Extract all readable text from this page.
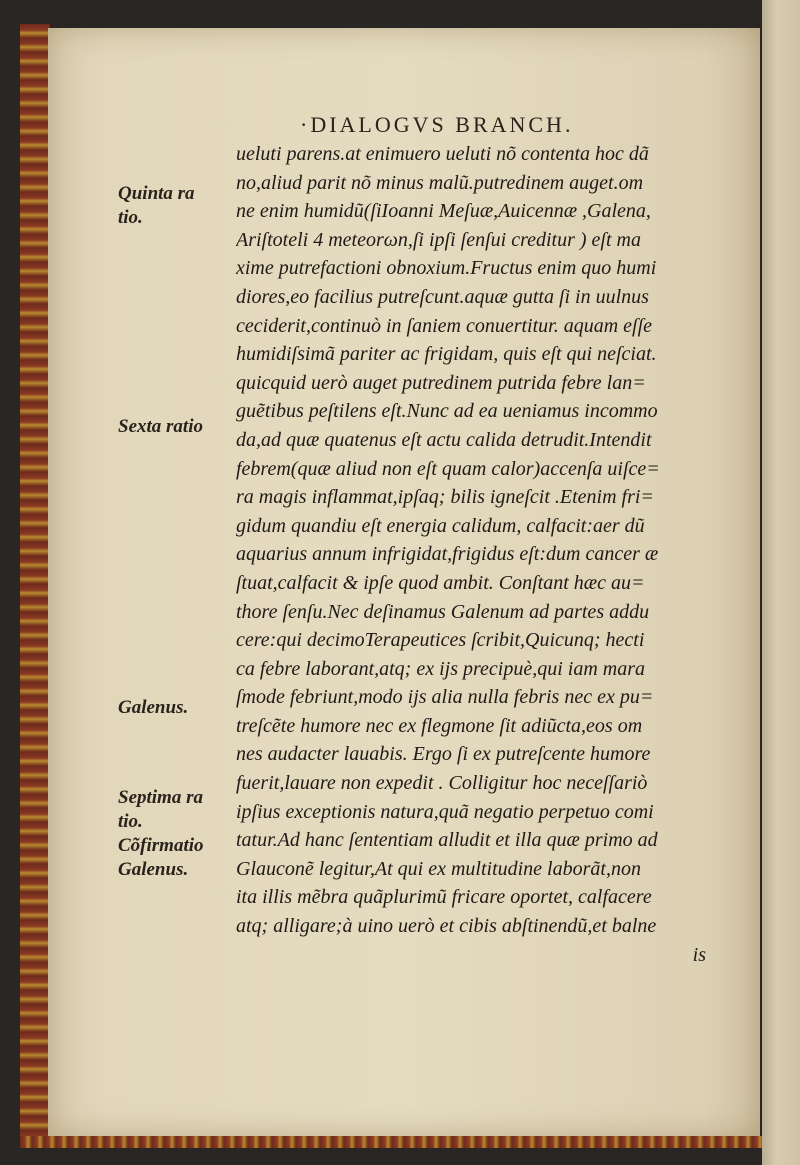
·DIALOGVS BRANCH.
ueluti parens.at enimuero ueluti nõ contenta hoc dã
no,aliud parit nõ minus malũ.putredinem auget.om
ne enim humidũ(ſiIoanni Meſuæ,Auicennæ ,Galena,
Ariſtoteli 4 meteorωn,ſi ipſi ſenſui creditur ) eſt ma
xime putrefactioni obnoxium.Fructus enim quo humi
diores,eo facilius putreſcunt.aquæ gutta ſi in uulnus
ceciderit,continuò in ſaniem conuertitur. aquam eſſe
humidiſsimã pariter ac frigidam, quis eſt qui neſciat.
quicquid uerò auget putredinem putrida febre lan=
guẽtibus peſtilens eſt.Nunc ad ea ueniamus incommo
da,ad quæ quatenus eſt actu calida detrudit.Intendit
febrem(quæ aliud non eſt quam calor)accenſa uiſce=
ra magis inflammat,ipſaq; bilis igneſcit .Etenim fri=
gidum quandiu eſt energia calidum, calfacit:aer dũ
aquarius annum infrigidat,frigidus eſt:dum cancer æ
ſtuat,calfacit & ipſe quod ambit. Conſtant hæc au=
thore ſenſu.Nec deſinamus Galenum ad partes addu
cere:qui decimoTerapeutices ſcribit,Quicunq; hecti
ca febre laborant,atq; ex ijs precipuè,qui iam mara
ſmode febriunt,modo ijs alia nulla febris nec ex pu=
treſcẽte humore nec ex flegmone ſit adiũcta,eos om
nes audacter lauabis. Ergo ſi ex putreſcente humore
fuerit,lauare non expedit . Colligitur hoc neceſſariò
ipſius exceptionis natura,quã negatio perpetuo comi
tatur.Ad hanc ſententiam alludit et illa quæ primo ad
Glauconẽ legitur,At qui ex multitudine laborãt,non
ita illis mẽbra quãplurimũ fricare oportet, calfacere
atq; alligare;à uino uerò et cibis abſtinendũ,et balne
is
Quinta ra
tio.
Sexta ratio
Galenus.
Septima ra
tio.
Cõfirmatio
Galenus.
